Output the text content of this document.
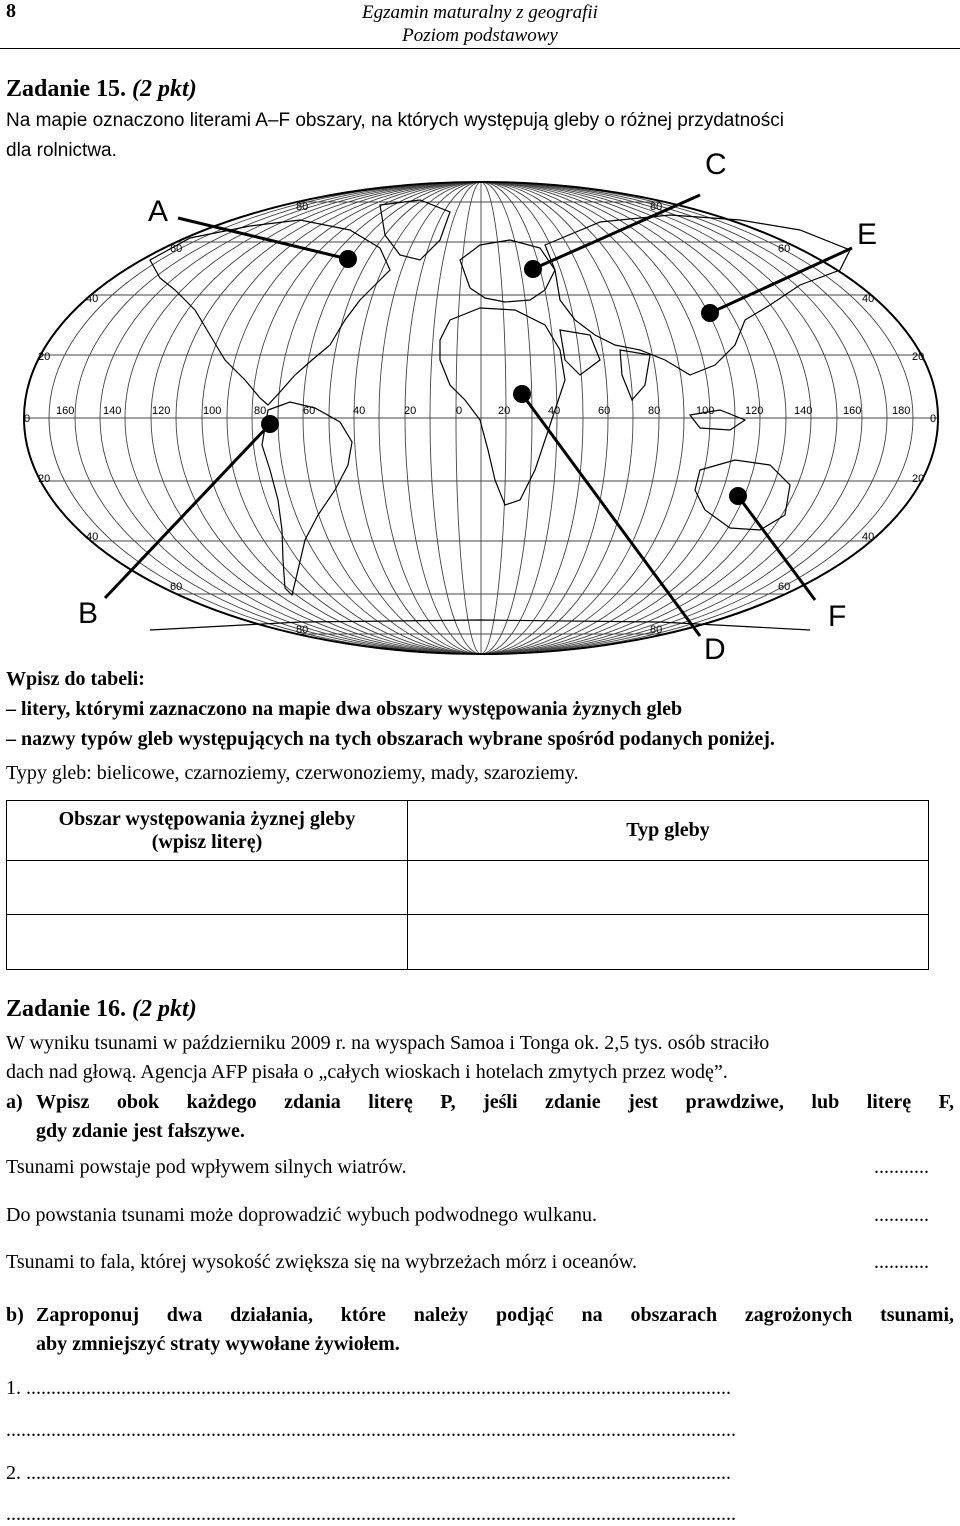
8	Egzamin maturalny z geografii
Poziom podstawowy
Zadanie 15. (2 pkt)
Na mapie oznaczono literami A–F obszary, na których występują gleby o różnej przydatności
dla rolnictwa.
80	80
60	60
40	40
20	20
0	0
20	20
40	40
60	60
80	80
160	140	120	100	80	60	40	20	0	20	40	60	80	100	120	140	160	180
A
B
C
D
E
F
Wpisz do tabeli:
– litery, którymi zaznaczono na mapie dwa obszary występowania żyznych gleb
– nazwy typów gleb występujących na tych obszarach wybrane spośród podanych poniżej.
Typy gleb: bielicowe, czarnoziemy, czerwonoziemy, mady, szaroziemy.
Obszar występowania żyznej gleby
(wpisz literę)	Typ gleby

Zadanie 16. (2 pkt)
W wyniku tsunami w październiku 2009 r. na wyspach Samoa i Tonga ok. 2,5 tys. osób straciło
dach nad głową. Agencja AFP pisała o „całych wioskach i hotelach zmytych przez wodę”.
a) Wpisz obok każdego zdania literę P, jeśli zdanie jest prawdziwe, lub literę F,
gdy zdanie jest fałszywe.
Tsunami powstaje pod wpływem silnych wiatrów.	...........
Do powstania tsunami może doprowadzić wybuch podwodnego wulkanu.	...........
Tsunami to fala, której wysokość zwiększa się na wybrzeżach mórz i oceanów.	...........
b) Zaproponuj dwa działania, które należy podjąć na obszarach zagrożonych tsunami,
aby zmniejszyć straty wywołane żywiołem.
1. .............................................................................................................................................
..................................................................................................................................................
2. .............................................................................................................................................
..................................................................................................................................................
